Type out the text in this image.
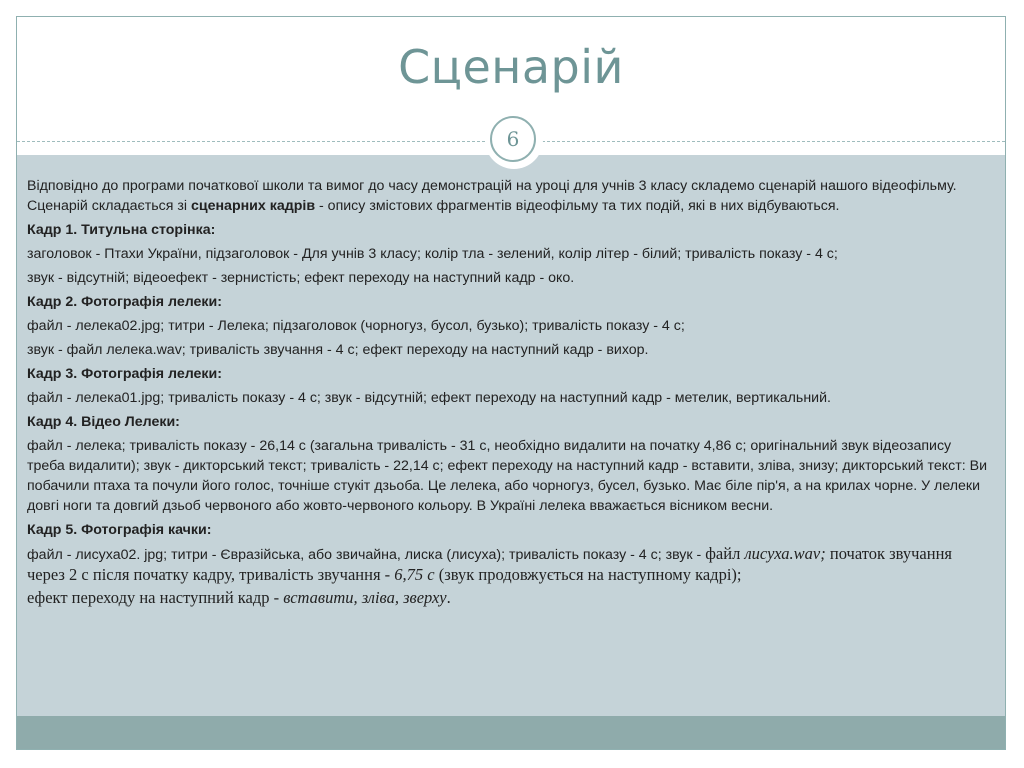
Сценарій
6

Відповідно до програми початкової школи та вимог до часу демонстрацій на уроці для учнів 3 класу складемо сценарій нашого відеофільму. Сценарій складається зі сценарних кадрів - опису змістових фрагментів відеофільму та тих подій, які в них відбуваються.

Кадр 1. Титульна сторінка:

заголовок - Птахи України, підзаголовок - Для учнів 3 класу; колір тла - зелений, колір літер - білий; тривалість показу - 4 с;

звук - відсутній; відеоефект - зернистість; ефект переходу на наступний кадр - око.

Кадр 2. Фотографія лелеки:

файл - лелека02.jpg; титри - Лелека; підзаголовок (чорногуз, бусол, бузько); тривалість показу - 4 с;

звук - файл лелека.wav; тривалість звучання - 4 с; ефект переходу на наступний кадр - вихор.

Кадр 3. Фотографія лелеки:

файл - лелека01.jpg; тривалість показу - 4 с; звук - відсутній; ефект переходу на наступний кадр - метелик, вертикальний.

Кадр 4. Відео Лелеки:

файл - лелека; тривалість показу - 26,14 с (загальна тривалість - 31 с, необхідно видалити на початку 4,86 с; оригінальний звук відеозапису треба видалити); звук - дикторський текст; тривалість - 22,14 с; ефект переходу на наступний кадр - вставити, зліва, знизу; дикторський текст: Ви побачили птаха та почули його голос, точніше стукіт дзьоба. Це лелека, або чорногуз, бусел, бузько. Має біле пір'я, а на крилах чорне. У лелеки довгі ноги та довгий дзьоб червоного або жовто-червоного кольору. В Україні лелека вважається вісником весни.

Кадр 5. Фотографія качки:

файл - лисуха02. jpg; титри - Євразійська, або звичайна, лиска (лисуха); тривалість показу - 4 с; звук - файл лисуха.wav; початок звучання через 2 с після початку кадру, тривалість звучання - 6,75 с (звук продовжується на наступному кадрі);

ефект переходу на наступний кадр - вставити, зліва, зверху.
